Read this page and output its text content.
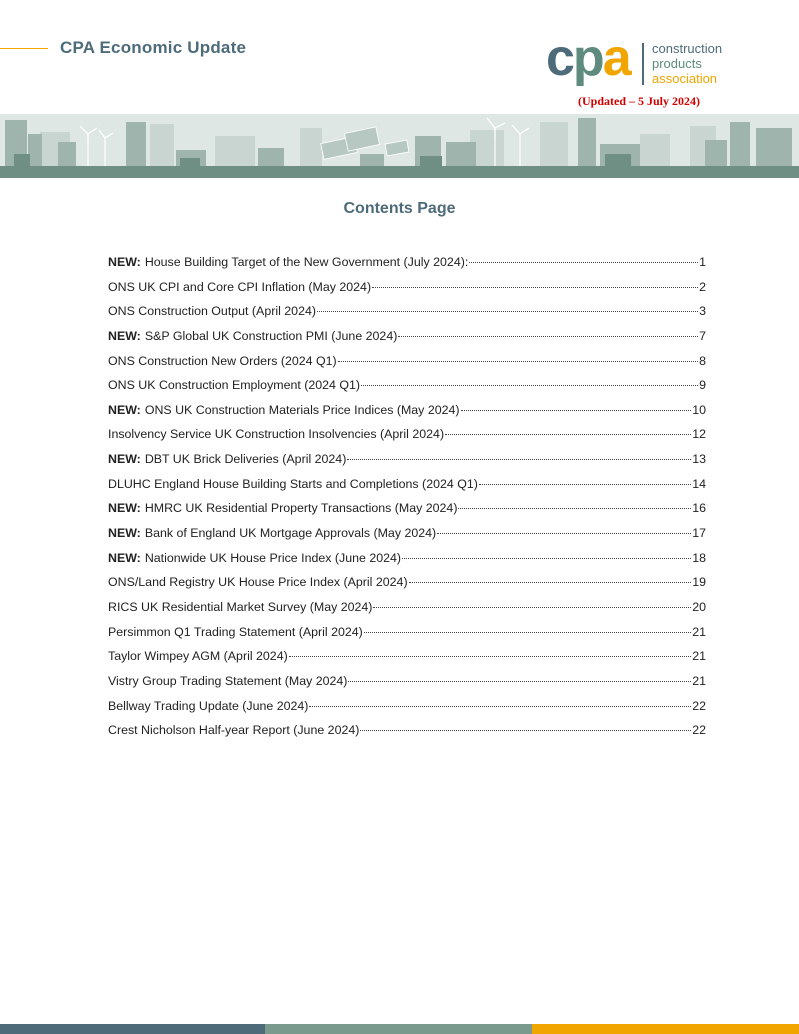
CPA Economic Update	cpa construction
products
association
(Updated – 5 July 2024)
Contents Page
NEW: House Building Target of the New Government (July 2024):	1
ONS UK CPI and Core CPI Inflation (May 2024)	2
ONS Construction Output (April 2024)	3
NEW: S&P Global UK Construction PMI (June 2024)	7
ONS Construction New Orders (2024 Q1)	8
ONS UK Construction Employment (2024 Q1)	9
NEW: ONS UK Construction Materials Price Indices (May 2024)	10
Insolvency Service UK Construction Insolvencies (April 2024)	12
NEW: DBT UK Brick Deliveries (April 2024)	13
DLUHC England House Building Starts and Completions (2024 Q1)	14
NEW: HMRC UK Residential Property Transactions (May 2024)	16
NEW: Bank of England UK Mortgage Approvals (May 2024)	17
NEW: Nationwide UK House Price Index (June 2024)	18
ONS/Land Registry UK House Price Index (April 2024)	19
RICS UK Residential Market Survey (May 2024)	20
Persimmon Q1 Trading Statement (April 2024)	21
Taylor Wimpey AGM (April 2024)	21
Vistry Group Trading Statement (May 2024)	21
Bellway Trading Update (June 2024)	22
Crest Nicholson Half-year Report (June 2024)	22
